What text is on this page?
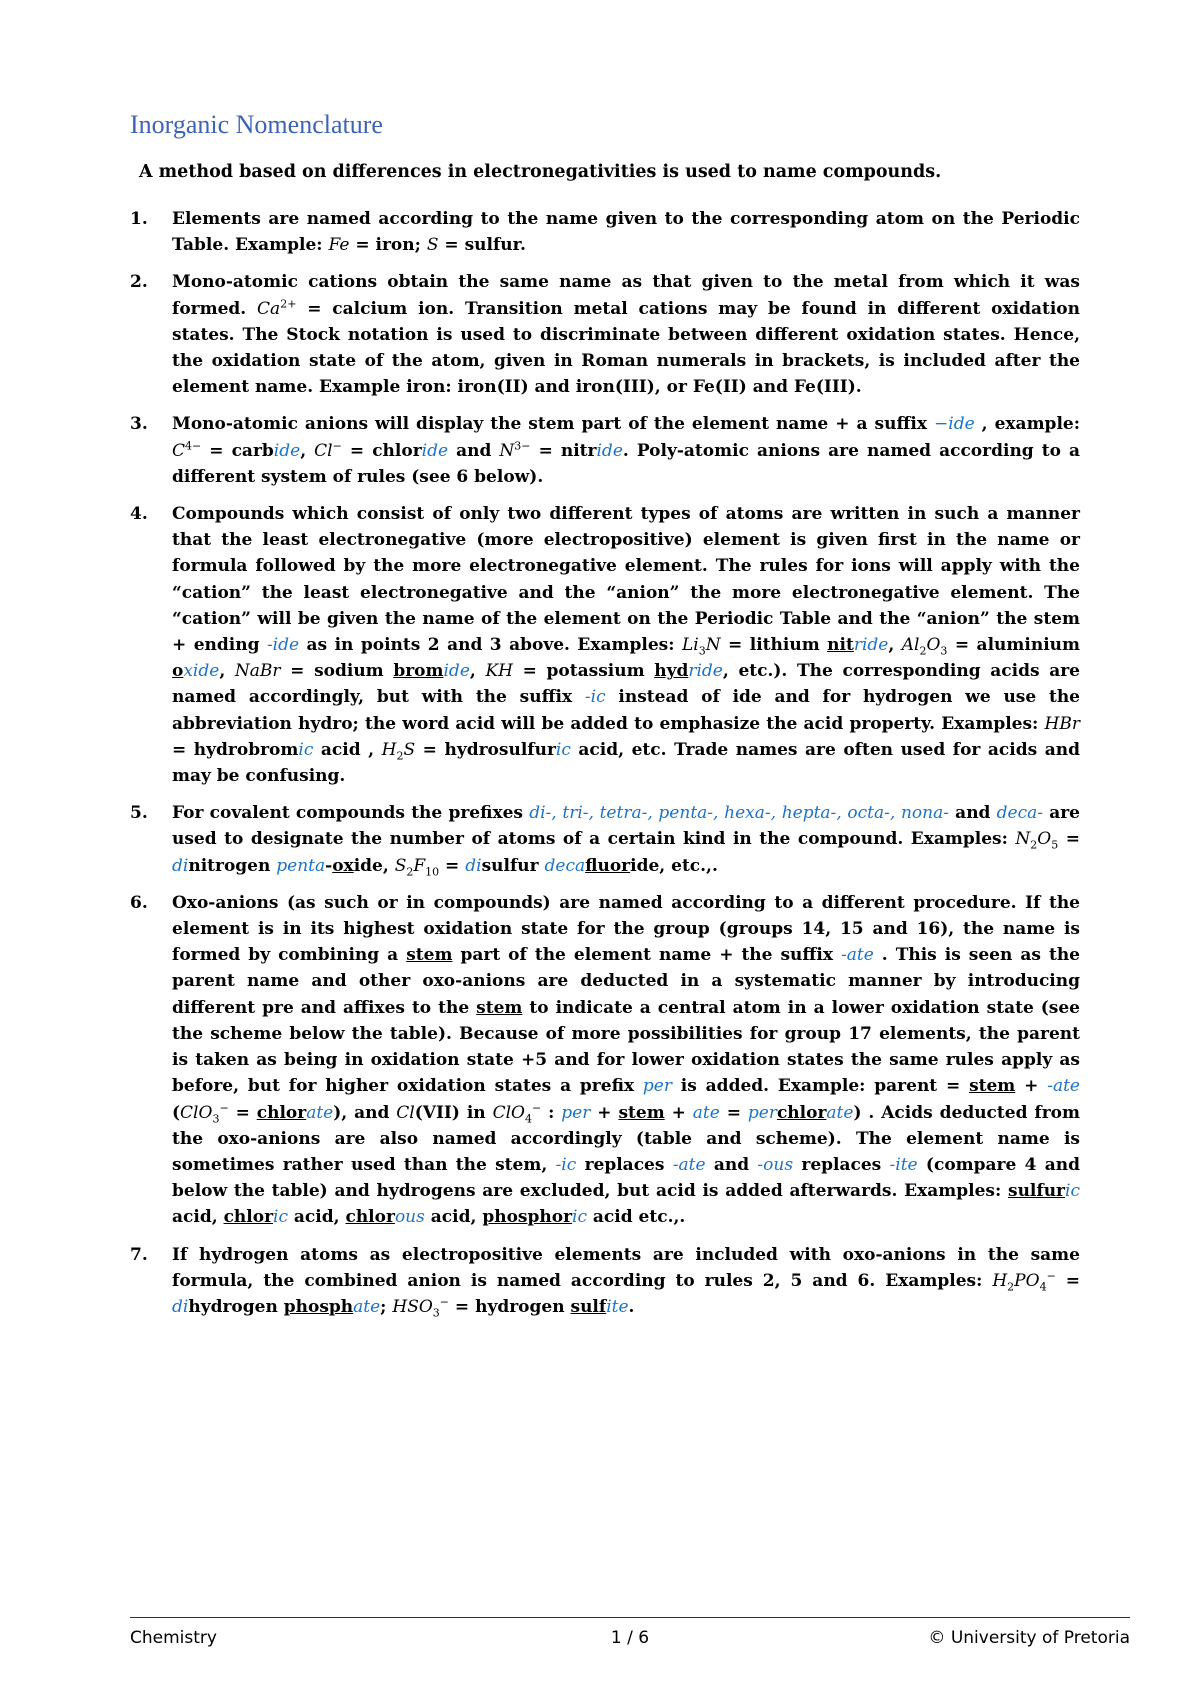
Inorganic Nomenclature

A method based on differences in electronegativities is used to name compounds.

1. Elements are named according to the name given to the corresponding atom on the Periodic Table. Example: Fe = iron; S = sulfur.
2. Mono-atomic cations obtain the same name as that given to the metal from which it was formed. $Ca^{2+}$ = calcium ion. Transition metal cations may be found in different oxidation states. The Stock notation is used to discriminate between different oxidation states. Hence, the oxidation state of the atom, given in Roman numerals in brackets, is included after the element name. Example iron: iron(II) and iron(III), or Fe(II) and Fe(III).
3. Mono-atomic anions will display the stem part of the element name + a suffix −ide , example: $C^{4-}$ = carbide, Cl− = chloride and $N^{3-}$ = nitride. Poly-atomic anions are named according to a different system of rules (see 6 below).
4. Compounds which consist of only two different types of atoms are written in such a manner that the least electronegative (more electropositive) element is given first in the name or formula followed by the more electronegative element. The rules for ions will apply with the “cation” the least electronegative and the “anion” the more electronegative element. The “cation” will be given the name of the element on the Periodic Table and the “anion” the stem + ending -ide as in points 2 and 3 above. Examples: $Li_3N$ = lithium nitride, $Al_2O_3$ = aluminium oxide, NaBr = sodium bromide, KH = potassium hydride, etc.). The corresponding acids are named accordingly, but with the suffix -ic instead of ide and for hydrogen we use the abbreviation hydro; the word acid will be added to emphasize the acid property. Examples: HBr = hydrobromic acid , $H_2S$ = hydrosulfuric acid, etc. Trade names are often used for acids and may be confusing.
5. For covalent compounds the prefixes di-, tri-, tetra-, penta-, hexa-, hepta-, octa-, nona- and deca- are used to designate the number of atoms of a certain kind in the compound. Examples: $N_2O_5$ = dinitrogen penta-oxide, $S_2F_{10}$ = disulfur decafluoride, etc.,.
6. Oxo-anions (as such or in compounds) are named according to a different procedure. If the element is in its highest oxidation state for the group (groups 14, 15 and 16), the name is formed by combining a stem part of the element name + the suffix -ate . This is seen as the parent name and other oxo-anions are deducted in a systematic manner by introducing different pre and affixes to the stem to indicate a central atom in a lower oxidation state (see the scheme below the table). Because of more possibilities for group 17 elements, the parent is taken as being in oxidation state +5 and for lower oxidation states the same rules apply as before, but for higher oxidation states a prefix per is added. Example: parent = stem + -ate (ClO$_3$− = chlorate), and Cl(VII) in ClO$_4$− : per + stem + ate = perchlorate) . Acids deducted from the oxo-anions are also named accordingly (table and scheme). The element name is sometimes rather used than the stem, -ic replaces -ate and -ous replaces -ite (compare 4 and below the table) and hydrogens are excluded, but acid is added afterwards. Examples: sulfuric acid, chloric acid, chlorous acid, phosphoric acid etc.,.
7. If hydrogen atoms as electropositive elements are included with oxo-anions in the same formula, the combined anion is named according to rules 2, 5 and 6. Examples: $H_2PO_4^-$ = dihydrogen phosphate; $HSO_3^-$ = hydrogen sulfite.
Chemistry	1 / 6	© University of Pretoria
